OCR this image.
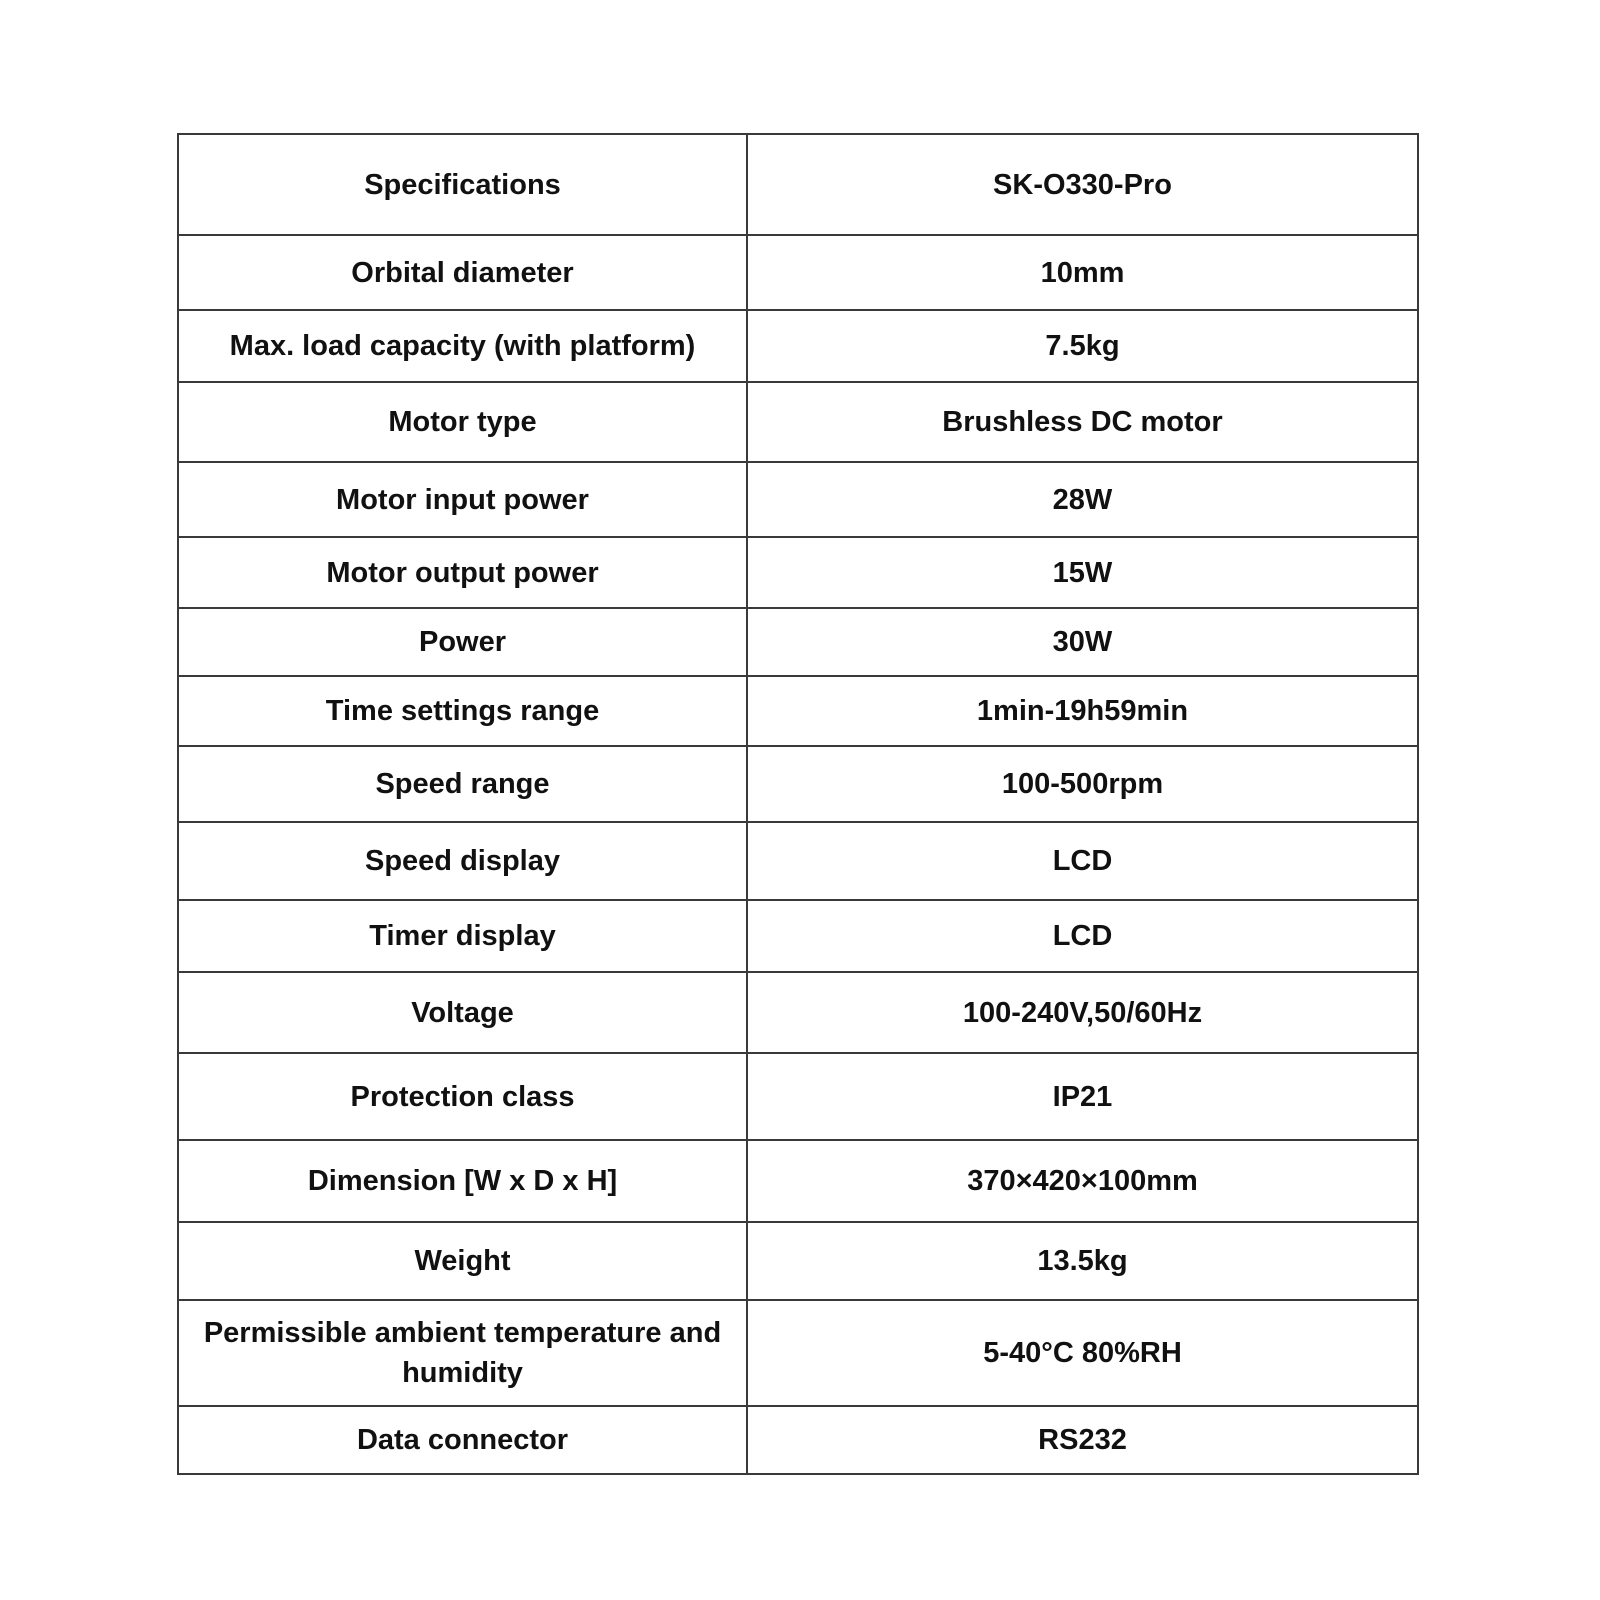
Specifications	SK-O330-Pro
Orbital diameter	10mm
Max. load capacity (with platform)	7.5kg
Motor type	Brushless DC motor
Motor input power	28W
Motor output power	15W
Power	30W
Time settings range	1min-19h59min
Speed range	100-500rpm
Speed display	LCD
Timer display	LCD
Voltage	100-240V,50/60Hz
Protection class	IP21
Dimension [W x D x H]	370×420×100mm
Weight	13.5kg
Permissible ambient temperature and humidity	5-40°C 80%RH
Data connector	RS232
